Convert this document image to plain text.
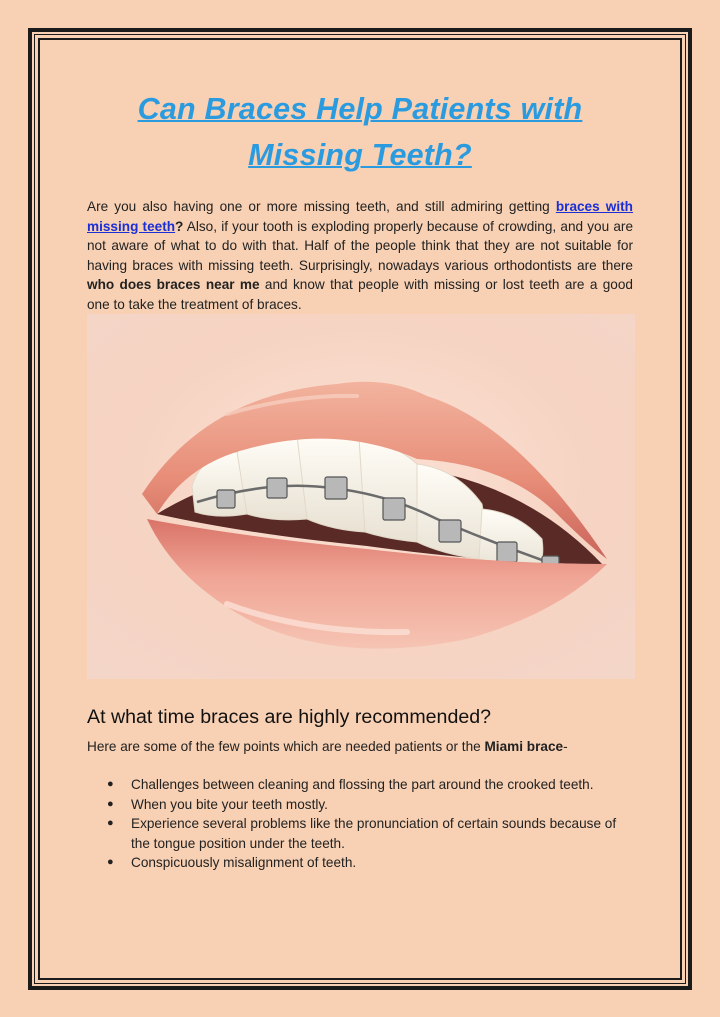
Can Braces Help Patients with Missing Teeth?

Are you also having one or more missing teeth, and still admiring getting braces with missing teeth? Also, if your tooth is exploding properly because of crowding, and you are not aware of what to do with that. Half of the people think that they are not suitable for having braces with missing teeth. Surprisingly, nowadays various orthodontists are there who does braces near me and know that people with missing or lost teeth are a good one to take the treatment of braces.

At what time braces are highly recommended?

Here are some of the few points which are needed patients or the Miami brace-

● Challenges between cleaning and flossing the part around the crooked teeth.
● When you bite your teeth mostly.
● Experience several problems like the pronunciation of certain sounds because of the tongue position under the teeth.
● Conspicuously misalignment of teeth.
